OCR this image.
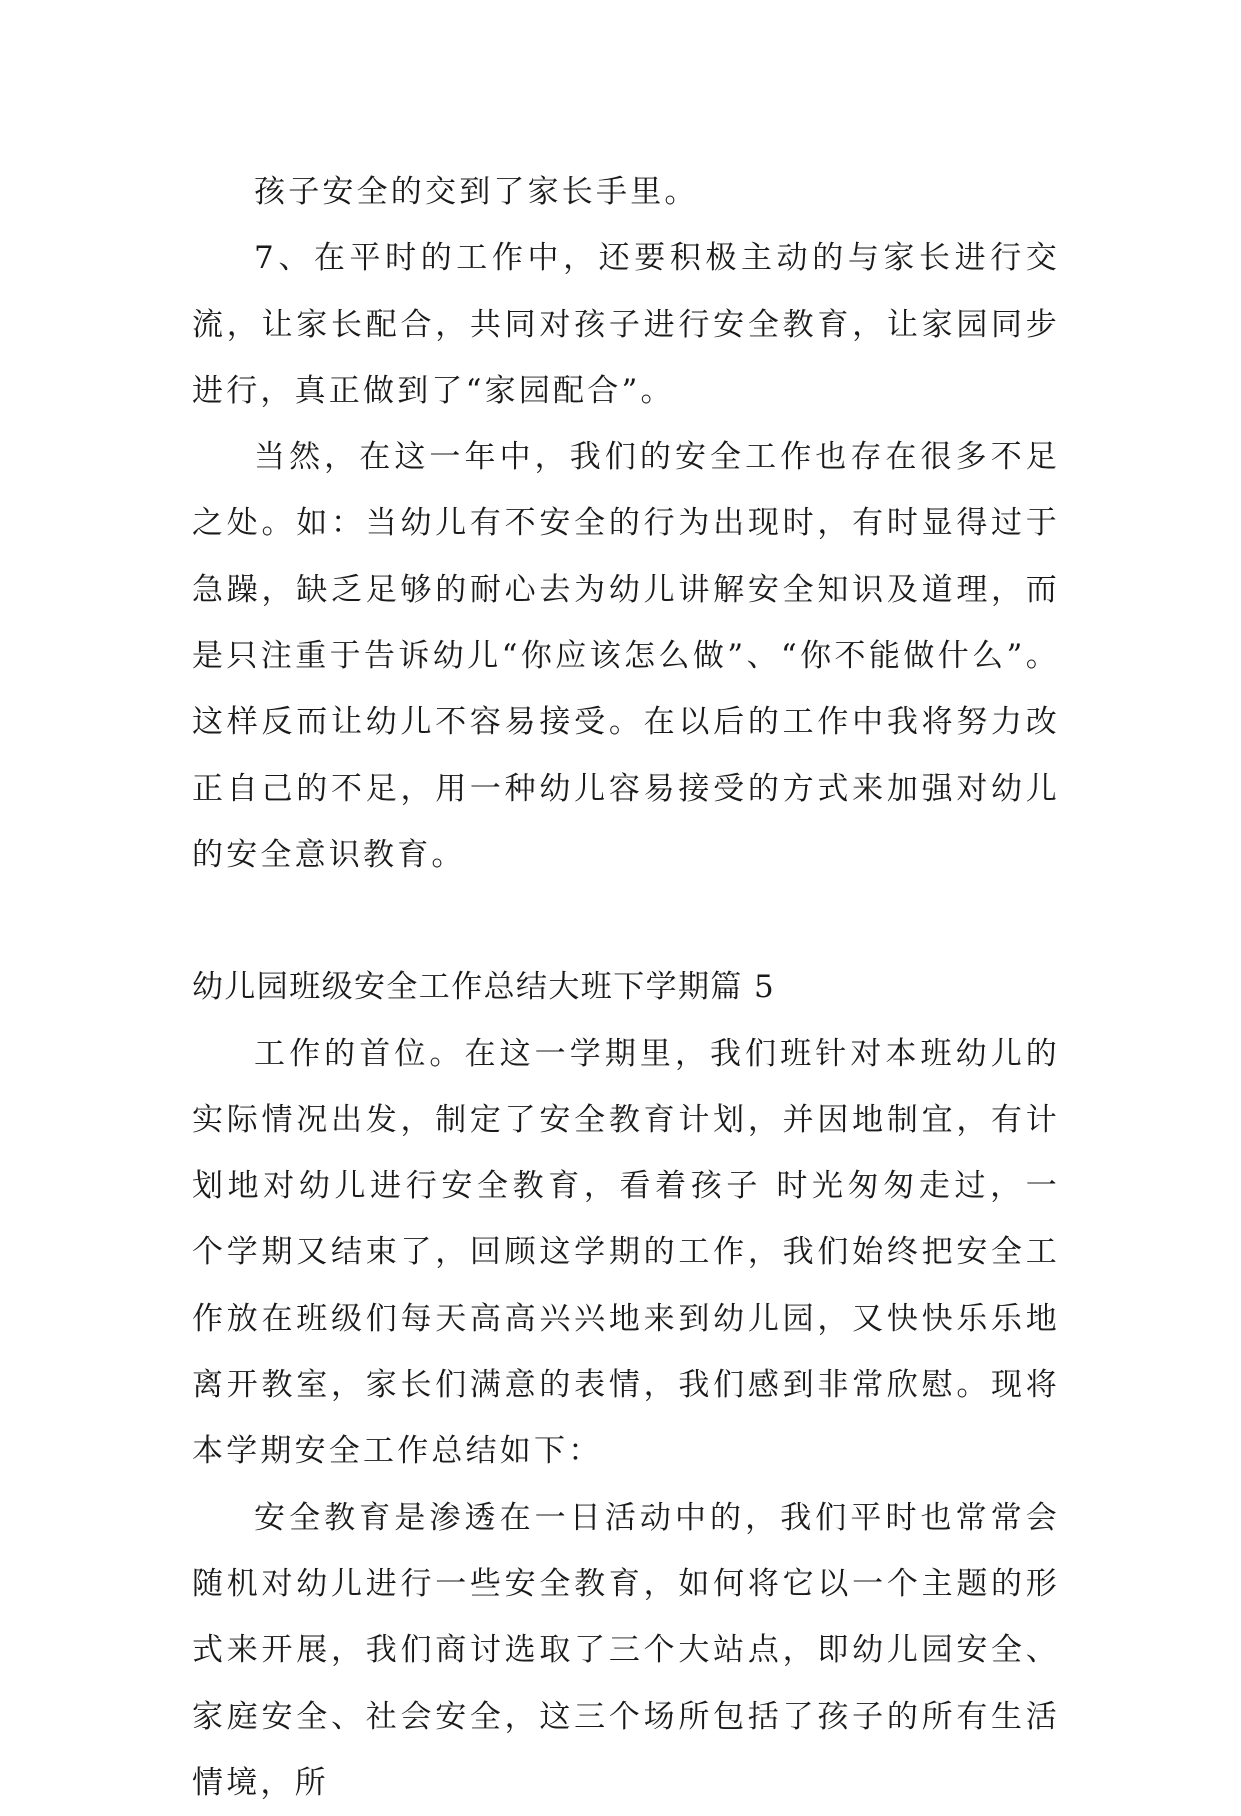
孩子安全的交到了家长手里。

7、在平时的工作中，还要积极主动的与家长进行交流，让家长配合，共同对孩子进行安全教育，让家园同步进行，真正做到了“家园配合”。

当然，在这一年中，我们的安全工作也存在很多不足之处。如：当幼儿有不安全的行为出现时，有时显得过于急躁，缺乏足够的耐心去为幼儿讲解安全知识及道理，而是只注重于告诉幼儿“你应该怎么做”、“你不能做什么”。这样反而让幼儿不容易接受。在以后的工作中我将努力改正自己的不足，用一种幼儿容易接受的方式来加强对幼儿的安全意识教育。

幼儿园班级安全工作总结大班下学期篇 5

工作的首位。在这一学期里，我们班针对本班幼儿的实际情况出发，制定了安全教育计划，并因地制宜，有计划地对幼儿进行安全教育，看着孩子 时光匆匆走过，一个学期又结束了，回顾这学期的工作，我们始终把安全工作放在班级们每天高高兴兴地来到幼儿园，又快快乐乐地离开教室，家长们满意的表情，我们感到非常欣慰。现将本学期安全工作总结如下：

安全教育是渗透在一日活动中的，我们平时也常常会随机对幼儿进行一些安全教育，如何将它以一个主题的形式来开展，我们商讨选取了三个大站点，即幼儿园安全、家庭安全、社会安全，这三个场所包括了孩子的所有生活情境，所
